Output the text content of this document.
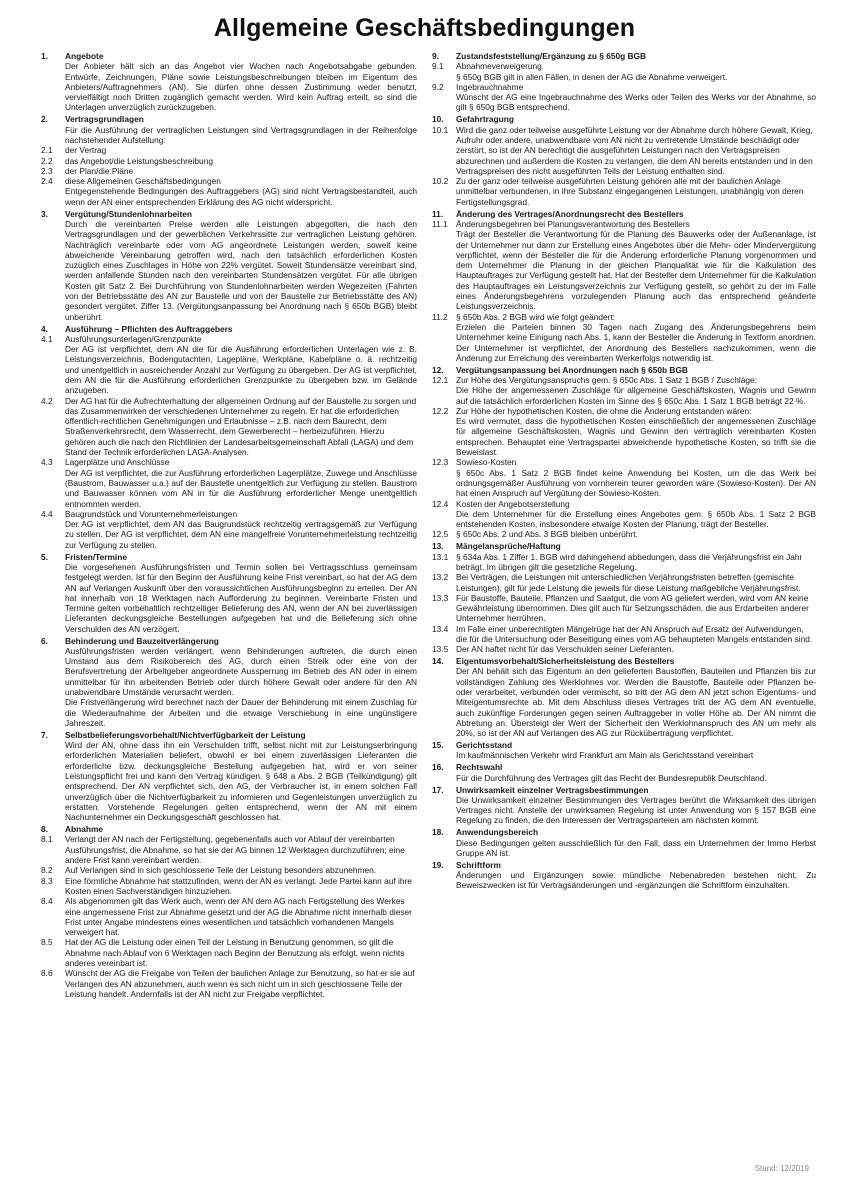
Allgemeine Geschäftsbedingungen
1.	Angebote
Der Anbieter hält sich an das Angebot vier Wochen nach Angebotsabgabe gebunden. Entwürfe, Zeichnungen, Pläne sowie Leistungsbeschreibungen bleiben im Eigentum des Anbieters/Auftragnehmers (AN). Sie dürfen ohne dessen Zustimmung weder benutzt, vervielfältigt noch Dritten zugänglich gemacht werden. Wird kein Auftrag erteilt, so sind die Unterlagen unverzüglich zurückzugeben.
2.	Vertragsgrundlagen
Für die Ausführung der vertraglichen Leistungen sind Vertragsgrundlagen in der Reihenfolge nachstehender Aufstellung:
2.1	der Vertrag
2.2	das Angebot/die Leistungsbeschreibung
2.3	der Plan/die Pläne
2.4	diese Allgemeinen Geschäftsbedingungen
Entgegenstehende Bedingungen des Auftraggebers (AG) sind nicht Vertragsbestandteil, auch wenn der AN einer entsprechenden Erklärung des AG nicht widerspricht.
3.	Vergütung/Stundenlohnarbeiten
Durch die vereinbarten Preise werden alle Leistungen abgegolten, die nach den Vertragsgrundlagen und der gewerblichen Verkehrssitte zur vertraglichen Leistung gehören. Nachträglich vereinbarte oder vom AG angeordnete Leistungen werden, soweit keine abweichende Vereinbarung getroffen wird, nach den tatsächlich erforderlichen Kosten zuzüglich eines Zuschlages in Höhe von 22% vergütet. Soweit Stundensätze vereinbart sind, werden anfallende Stunden nach den vereinbarten Stundensätzen vergütet. Für alle übrigen Kosten gilt Satz 2. Bei Durchführung von Stundenlohnarbeiten werden Wegezeiten (Fahrten von der Betriebsstätte des AN zur Baustelle und von der Baustelle zur Betriebsstätte des AN) gesondert vergütet. Ziffer 13. (Vergütungsanpassung bei Anordnung nach § 650b BGB) bleibt unberührt.
4.	Ausführung – Pflichten des Auftraggebers
4.1	Ausführungsunterlagen/Grenzpunkte
Der AG ist verpflichtet, dem AN die für die Ausführung erforderlichen Unterlagen wie z. B. Leistungsverzeichnis, Bodengutachten, Lagepläne, Werkpläne, Kabelpläne o. ä. rechtzeitig und unentgeltlich in ausreichender Anzahl zur Verfügung zu übergeben. Der AG ist verpflichtet, dem AN die für die Ausführung erforderlichen Grenzpunkte zu übergeben bzw. im Gelände anzugeben.
4.2	Der AG hat für die Aufrechterhaltung der allgemeinen Ordnung auf der Baustelle zu sorgen und das Zusammenwirken der verschiedenen Unternehmer zu regeln. Er hat die erforderlichen öffentlich-rechtlichen Genehmigungen und Erlaubnisse – z.B. nach dem Baurecht, dem Straßenverkehrsrecht, dem Wasserrecht, dem Gewerberecht – herbeizuführen. Hierzu gehören auch die nach den Richtlinien der Landesarbeitsgemeinschaft Abfall (LAGA) und dem Stand der Technik erforderlichen LAGA-Analysen.
4.3	Lagerplätze und Anschlüsse
Der AG ist verpflichtet, die zur Ausführung erforderlichen Lagerplätze, Zuwege und Anschlüsse (Baustrom, Bauwasser u.a.) auf der Baustelle unentgeltlich zur Verfügung zu stellen. Baustrom und Bauwasser können vom AN in für die Ausführung erforderlicher Menge unentgeltlich entnommen werden.
4.4	Baugrundstück und Vorunternehmerleistungen
Der AG ist verpflichtet, dem AN das Baugrundstück rechtzeitig vertragsgemäß zur Verfügung zu stellen. Der AG ist verpflichtet, dem AN eine mangelfreie Vorunternehmerleistung rechtzeitig zur Verfügung zu stellen.
5.	Fristen/Termine
Die vorgesehenen Ausführungsfristen und Termin sollen bei Vertragsschluss gemeinsam festgelegt werden. Ist für den Beginn der Ausführung keine Frist vereinbart, so hat der AG dem AN auf Verlangen Auskunft über den voraussichtlichen Ausführungsbeginn zu erteilen. Der AN hat innerhalb von 18 Werktagen nach Aufforderung zu beginnen. Vereinbarte Fristen und Termine gelten vorbehaltlich rechtzeitiger Belieferung des AN, wenn der AN bei zuverlässigen Lieferanten deckungsgleiche Bestellungen aufgegeben hat und die Belieferung sich ohne Verschulden des AN verzögert.
6.	Behinderung und Bauzeitverlängerung
Ausführungsfristen werden verlängert, wenn Behinderungen auftreten, die durch einen Umstand aus dem Risikobereich des AG, durch einen Streik oder eine von der Berufsvertretung der Arbeitgeber angeordnete Aussperrung im Betrieb des AN oder in einem unmittelbar für ihn arbeitenden Betrieb oder durch höhere Gewalt oder andere für den AN unabwendbare Umstände verursacht werden.
Die Fristverlängerung wird berechnet nach der Dauer der Behinderung mit einem Zuschlag für die Wiederaufnahme der Arbeiten und die etwaige Verschiebung in eine ungünstigere Jahreszeit.
7.	Selbstbelieferungsvorbehalt/Nichtverfügbarkeit der Leistung
Wird der AN, ohne dass ihn ein Verschulden trifft, selbst nicht mit zur Leistungserbringung erforderlichen Materialien beliefert, obwohl er bei einem zuverlässigen Lieferanten die erforderliche bzw. deckungsgleiche Bestellung aufgegeben hat, wird er von seiner Leistungspflicht frei und kann den Vertrag kündigen. § 648 a Abs. 2 BGB (Teilkündigung) gilt entsprechend. Der AN verpflichtet sich, den AG, der Verbraucher ist, in einem solchen Fall unverzüglich über die Nichtverfügbarkeit zu informieren und Gegenleistungen unverzüglich zu erstatten. Vorstehende Regelungen gelten entsprechend, wenn der AN mit einem Nachunternehmer ein Deckungsgeschäft geschlossen hat.
8.	Abnahme
8.1	Verlangt der AN nach der Fertigstellung, gegebenenfalls auch vor Ablauf der vereinbarten Ausführungsfrist, die Abnahme, so hat sie der AG binnen 12 Werktagen durchzuführen; eine andere Frist kann vereinbart werden.
8.2	Auf Verlangen sind in sich geschlossene Teile der Leistung besonders abzunehmen.
8.3	Eine förmliche Abnahme hat stattzufinden, wenn der AN es verlangt. Jede Partei kann auf ihre Kosten einen Sachverständigen hinzuziehen.
8.4	Als abgenommen gilt das Werk auch, wenn der AN dem AG nach Fertigstellung des Werkes eine angemessene Frist zur Abnahme gesetzt und der AG die Abnahme nicht innerhalb dieser Frist unter Angabe mindestens eines wesentlichen und tatsächlich vorhandenen Mangels verweigert hat.
8.5	Hat der AG die Leistung oder einen Teil der Leistung in Benutzung genommen, so gilt die Abnahme nach Ablauf von 6 Werktagen nach Beginn der Benutzung als erfolgt, wenn nichts anderes vereinbart ist.
8.6	Wünscht der AG die Freigabe von Teilen der baulichen Anlage zur Benutzung, so hat er sie auf Verlangen des AN abzunehmen, auch wenn es sich nicht um in sich geschlossene Teile der Leistung handelt. Andernfalls ist der AN nicht zur Freigabe verpflichtet.
9.	Zustandsfeststellung/Ergänzung zu § 650g BGB
9.1	Abnahmeverweigerung
§ 650g BGB gilt in allen Fällen, in denen der AG die Abnahme verweigert.
9.2	Ingebrauchnahme
Wünscht der AG eine Ingebrauchnahme des Werks oder Teilen des Werks vor der Abnahme, so gilt § 650g BGB entsprechend.
10.	Gefahrtragung
10.1 Wird die ganz oder teilweise ausgeführte Leistung vor der Abnahme durch höhere Gewalt, Krieg, Aufruhr oder andere, unabwendbare vom AN nicht zu vertretende Umstände beschädigt oder zerstört, so ist der AN berechtigt die ausgeführten Leistungen nach den Vertragspreisen abzurechnen und außerdem die Kosten zu verlangen, die dem AN bereits entstanden und in den Vertragspreisen des nicht ausgeführten Teils der Leistung enthalten sind.
10.2 Zu der ganz oder teilweise ausgeführten Leistung gehören alle mit der baulichen Anlage unmittelbar verbundenen, in ihre Substanz eingegangenen Leistungen, unabhängig von deren Fertigstellungsgrad.
11.	Änderung des Vertrages/Anordnungsrecht des Bestellers
11.1	Änderungsbegehren bei Planungsverantwortung des Bestellers
Trägt der Besteller die Verantwortung für die Planung des Bauwerks oder der Außenanlage, ist der Unternehmer nur dann zur Erstellung eines Angebotes über die Mehr- oder Mindervergütung verpflichtet, wenn der Besteller die für die Änderung erforderliche Planung vorgenommen und dem Unternehmer die Planung in der gleichen Planqualität wie für die Kalkulation des Hauptauftrages zur Verfügung gestellt hat. Hat der Besteller dem Unternehmer für die Kalkulation des Hauptauftrages ein Leistungsverzeichnis zur Verfügung gestellt, so gehört zu der im Falle eines Änderungsbegehrens vorzulegenden Planung auch das entsprechend geänderte Leistungsverzeichnis.
11.2	§ 650b Abs. 2 BGB wird wie folgt geändert:
Erzielen die Parteien binnen 30 Tagen nach Zugang des Änderungsbegehrens beim Unternehmer keine Einigung nach Abs. 1, kann der Besteller die Änderung in Textform anordnen. Der Unternehmer ist verpflichtet, der Anordnung des Bestellers nachzukommen, wenn die Änderung zur Erreichung des vereinbarten Werkerfolgs notwendig ist.
12.	Vergütungsanpassung bei Anordnungen nach § 650b BGB
12.1 Zur Höhe des Vergütungsanspruchs gem. § 650c Abs. 1 Satz 1 BGB / Zuschläge:
Die Höhe der angemessenen Zuschläge für allgemeine Geschäftskosten, Wagnis und Gewinn auf die tatsächlich erforderlichen Kosten im Sinne des § 650c Abs. 1 Satz 1 BGB beträgt 22 %.
12.2 Zur Höhe der hypothetischen Kosten, die ohne die Änderung entstanden wären:
Es wird vermutet, dass die hypothetischen Kosten einschließlich der angemessenen Zuschläge für allgemeine Geschäftskosten, Wagnis und Gewinn den vertraglich vereinbarten Kosten entsprechen. Behauptet eine Vertragspartei abweichende hypothetische Kosten, so trifft sie die Beweislast.
12.3 Sowieso-Kosten
§ 650c Abs. 1 Satz 2 BGB findet keine Anwendung bei Kosten, um die das Werk bei ordnungsgemäßer Ausführung von vornherein teurer geworden wäre (Sowieso-Kosten). Der AN hat einen Anspruch auf Vergütung der Sowieso-Kosten.
12.4 Kosten der Angebotserstellung
Die dem Unternehmer für die Erstellung eines Angebotes gem. § 650b Abs. 1 Satz 2 BGB entstehenden Kosten, insbesondere etwaige Kosten der Planung, trägt der Besteller.
12.5 § 650c Abs. 2 und Abs. 3 BGB bleiben unberührt.
13.	Mängelansprüche/Haftung
13.1 § 634a Abs. 1 Ziffer 1. BGB wird dahingehend abbedungen, dass die Verjährungsfrist ein Jahr beträgt. Im übrigen gilt die gesetzliche Regelung.
13.2 Bei Verträgen, die Leistungen mit unterschiedlichen Verjährungsfristen betreffen (gemischte Leistungen), gilt für jede Leistung die jeweils für diese Leistung maßgebliche Verjährungsfrist.
13.3 Für Baustoffe, Bauteile, Pflanzen und Saatgut, die vom AG geliefert werden, wird vom AN keine Gewährleistung übernommen. Dies gilt auch für Setzungsschäden, die aus Erdarbeiten anderer Unternehmer herrühren.
13.4 Im Falle einer unberechtigten Mängelrüge hat der AN Anspruch auf Ersatz der Aufwendungen, die für die Untersuchung oder Beseitigung eines vom AG behaupteten Mangels entstanden sind.
13.5 Der AN haftet nicht für das Verschulden seiner Lieferanten.
14.	Eigentumsvorbehalt/Sicherheitsleistung des Bestellers
Der AN behält sich das Eigentum an den gelieferten Baustoffen, Bauteilen und Pflanzen bis zur vollständigen Zahlung des Werklohnes vor. Werden die Baustoffe, Bauteile oder Pflanzen be- oder verarbeitet, verbunden oder vermischt, so tritt der AG dem AN jetzt schon Eigentums- und Miteigentumsrechte ab. Mit dem Abschluss dieses Vertrages tritt der AG dem AN eventuelle, auch zukünftige Forderungen gegen seinen Auftraggeber in voller Höhe ab. Der AN nimmt die Abtretung an. Übersteigt der Wert der Sicherheit den Werklohnanspruch des AN um mehr als 20%, so ist der AN auf Verlangen des AG zur Rückübertragung verpflichtet.
15.	Gerichtsstand
Im kaufmännischen Verkehr wird Frankfurt am Main als Gerichtsstand vereinbart
16.	Rechtswahl
Für die Durchführung des Vertrages gilt das Recht der Bundesrepublik Deutschland.
17.	Unwirksamkeit einzelner Vertragsbestimmungen
Die Unwirksamkeit einzelner Bestimmungen des Vertrages berührt die Wirksamkeit des übrigen Vertrages nicht. Anstelle der unwirksamen Regelung ist unter Anwendung von § 157 BGB eine Regelung zu finden, die den Interessen der Vertragsparteien am nächsten kommt.
18.	Anwendungsbereich
Diese Bedingungen gelten ausschließlich für den Fall, dass ein Unternehmen der Immo Herbst Gruppe AN ist.
19.	Schriftform
Änderungen und Ergänzungen sowie mündliche Nebenabreden bestehen nicht. Zu Beweiszwecken ist für Vertragsänderungen und -ergänzungen die Schriftform einzuhalten.
Stand: 12/2019
